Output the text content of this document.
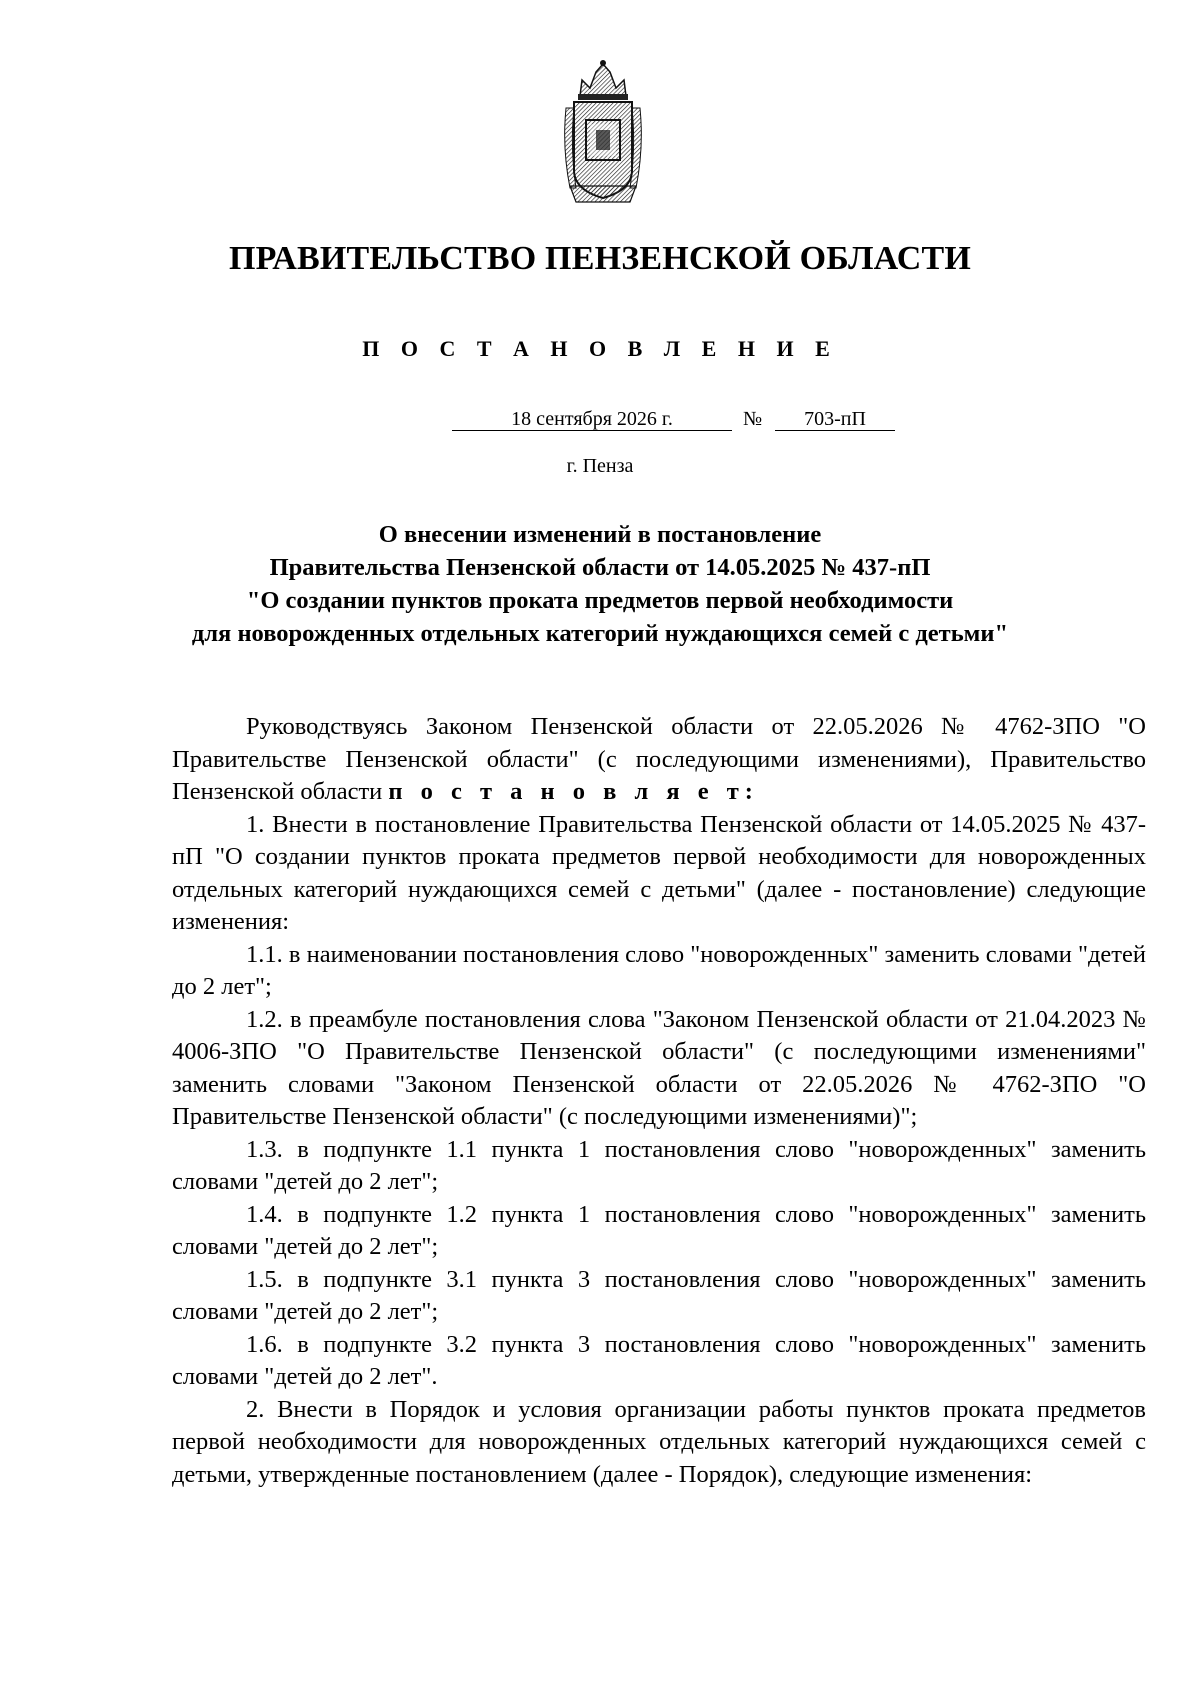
ПРАВИТЕЛЬСТВО ПЕНЗЕНСКОЙ ОБЛАСТИ
П О С Т А Н О В Л Е Н И Е
18 сентября 2026 г.	№	703-пП
г. Пенза
О внесении изменений в постановление
Правительства Пензенской области от 14.05.2025 № 437-пП
"О создании пунктов проката предметов первой необходимости
для новорожденных отдельных категорий нуждающихся семей с детьми"

Руководствуясь Законом Пензенской области от 22.05.2026 № 4762-ЗПО "О Правительстве Пензенской области" (с последующими изменениями), Правительство Пензенской области п о с т а н о в л я е т:

1. Внести в постановление Правительства Пензенской области от 14.05.2025 № 437-пП "О создании пунктов проката предметов первой необходимости для новорожденных отдельных категорий нуждающихся семей с детьми" (далее - постановление) следующие изменения:

1.1. в наименовании постановления слово "новорожденных" заменить словами "детей до 2 лет";

1.2. в преамбуле постановления слова "Законом Пензенской области от 21.04.2023 № 4006-ЗПО "О Правительстве Пензенской области" (с последующими изменениями" заменить словами "Законом Пензенской области от 22.05.2026 № 4762-ЗПО "О Правительстве Пензенской области" (с последующими изменениями)";

1.3. в подпункте 1.1 пункта 1 постановления слово "новорожденных" заменить словами "детей до 2 лет";

1.4. в подпункте 1.2 пункта 1 постановления слово "новорожденных" заменить словами "детей до 2 лет";

1.5. в подпункте 3.1 пункта 3 постановления слово "новорожденных" заменить словами "детей до 2 лет";

1.6. в подпункте 3.2 пункта 3 постановления слово "новорожденных" заменить словами "детей до 2 лет".

2. Внести в Порядок и условия организации работы пунктов проката предметов первой необходимости для новорожденных отдельных категорий нуждающихся семей с детьми, утвержденные постановлением (далее - Порядок), следующие изменения:
